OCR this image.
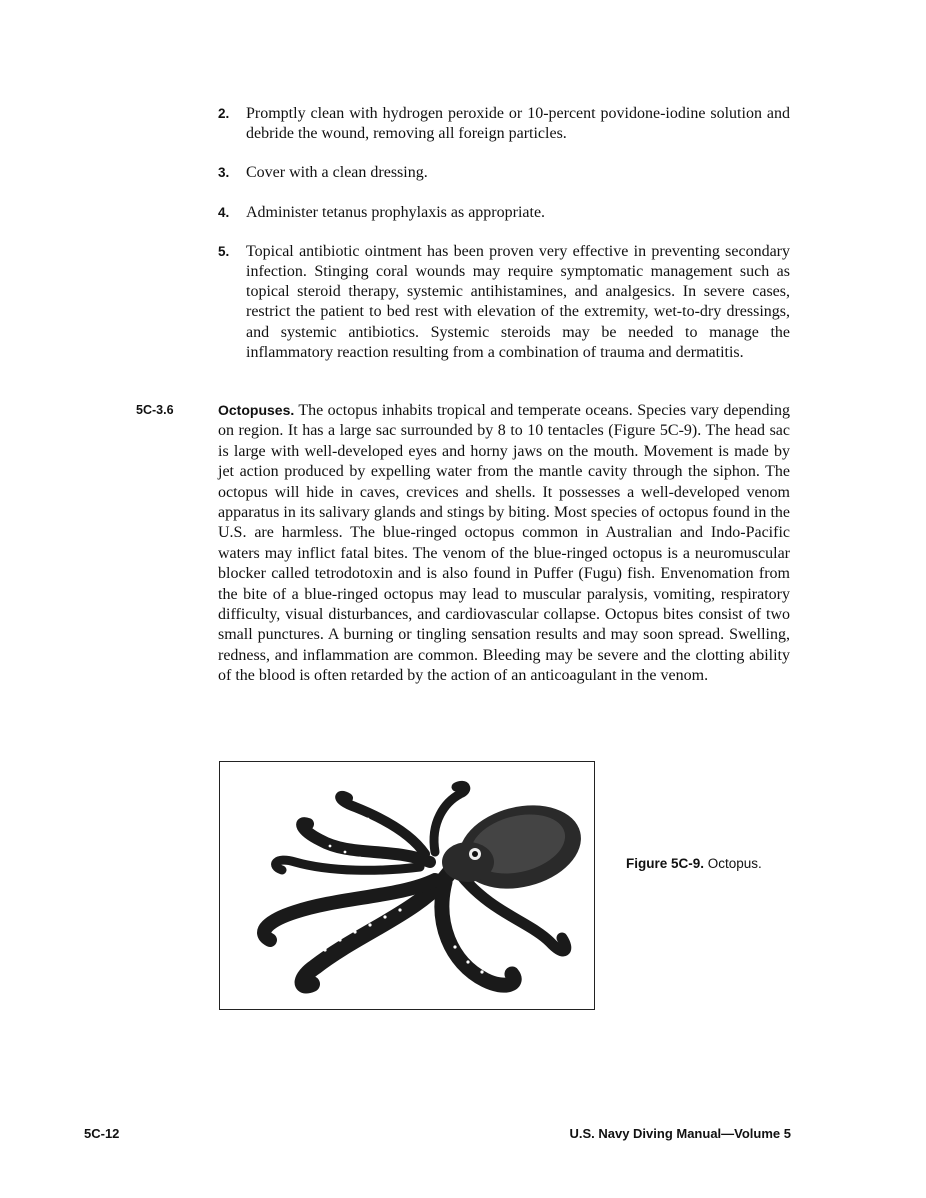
2. Promptly clean with hydrogen peroxide or 10-percent povidone-iodine solution and debride the wound, removing all foreign particles.
3. Cover with a clean dressing.
4. Administer tetanus prophylaxis as appropriate.
5. Topical antibiotic ointment has been proven very effective in preventing secondary infection. Stinging coral wounds may require symptomatic management such as topical steroid therapy, systemic antihistamines, and analgesics. In severe cases, restrict the patient to bed rest with elevation of the extremity, wet-to-dry dressings, and systemic antibiotics. Systemic steroids may be needed to manage the inflammatory reaction resulting from a combination of trauma and dermatitis.
5C-3.6	Octopuses. The octopus inhabits tropical and temperate oceans. Species vary depending on region. It has a large sac surrounded by 8 to 10 tentacles (Figure 5C-9). The head sac is large with well-developed eyes and horny jaws on the mouth. Movement is made by jet action produced by expelling water from the mantle cavity through the siphon. The octopus will hide in caves, crevices and shells. It possesses a well-developed venom apparatus in its salivary glands and stings by biting. Most species of octopus found in the U.S. are harmless. The blue-ringed octopus common in Australian and Indo-Pacific waters may inflict fatal bites. The venom of the blue-ringed octopus is a neuromuscular blocker called tetrodotoxin and is also found in Puffer (Fugu) fish. Envenomation from the bite of a blue-ringed octopus may lead to muscular paralysis, vomiting, respiratory difficulty, visual disturbances, and cardiovascular collapse. Octopus bites consist of two small punctures. A burning or tingling sensation results and may soon spread. Swelling, redness, and inflammation are common. Bleeding may be severe and the clotting ability of the blood is often retarded by the action of an anticoagulant in the venom.
Figure 5C-9. Octopus.
5C-12	U.S. Navy Diving Manual—Volume 5
